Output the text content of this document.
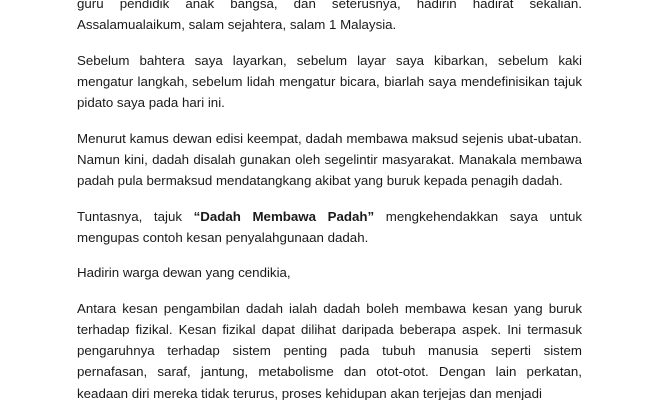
guru pendidik anak bangsa, dan seterusnya, hadirin hadirat sekalian. Assalamualaikum, salam sejahtera, salam 1 Malaysia.

Sebelum bahtera saya layarkan, sebelum layar saya kibarkan, sebelum kaki mengatur langkah, sebelum lidah mengatur bicara, biarlah saya mendefinisikan tajuk pidato saya pada hari ini.

Menurut kamus dewan edisi keempat, dadah membawa maksud sejenis ubat-ubatan. Namun kini, dadah disalah gunakan oleh segelintir masyarakat. Manakala membawa padah pula bermaksud mendatangkang akibat yang buruk kepada penagih dadah.

Tuntasnya, tajuk “Dadah Membawa Padah” mengkehendakkan saya untuk mengupas contoh kesan penyalahgunaan dadah.

Hadirin warga dewan yang cendikia,

Antara kesan pengambilan dadah ialah dadah boleh membawa kesan yang buruk terhadap fizikal. Kesan fizikal dapat dilihat daripada beberapa aspek. Ini termasuk pengaruhnya terhadap sistem penting pada tubuh manusia seperti sistem pernafasan, saraf, jantung, metabolisme dan otot-otot. Dengan lain perkatan, keadaan diri mereka tidak terurus, proses kehidupan akan terjejas dan menjadi
